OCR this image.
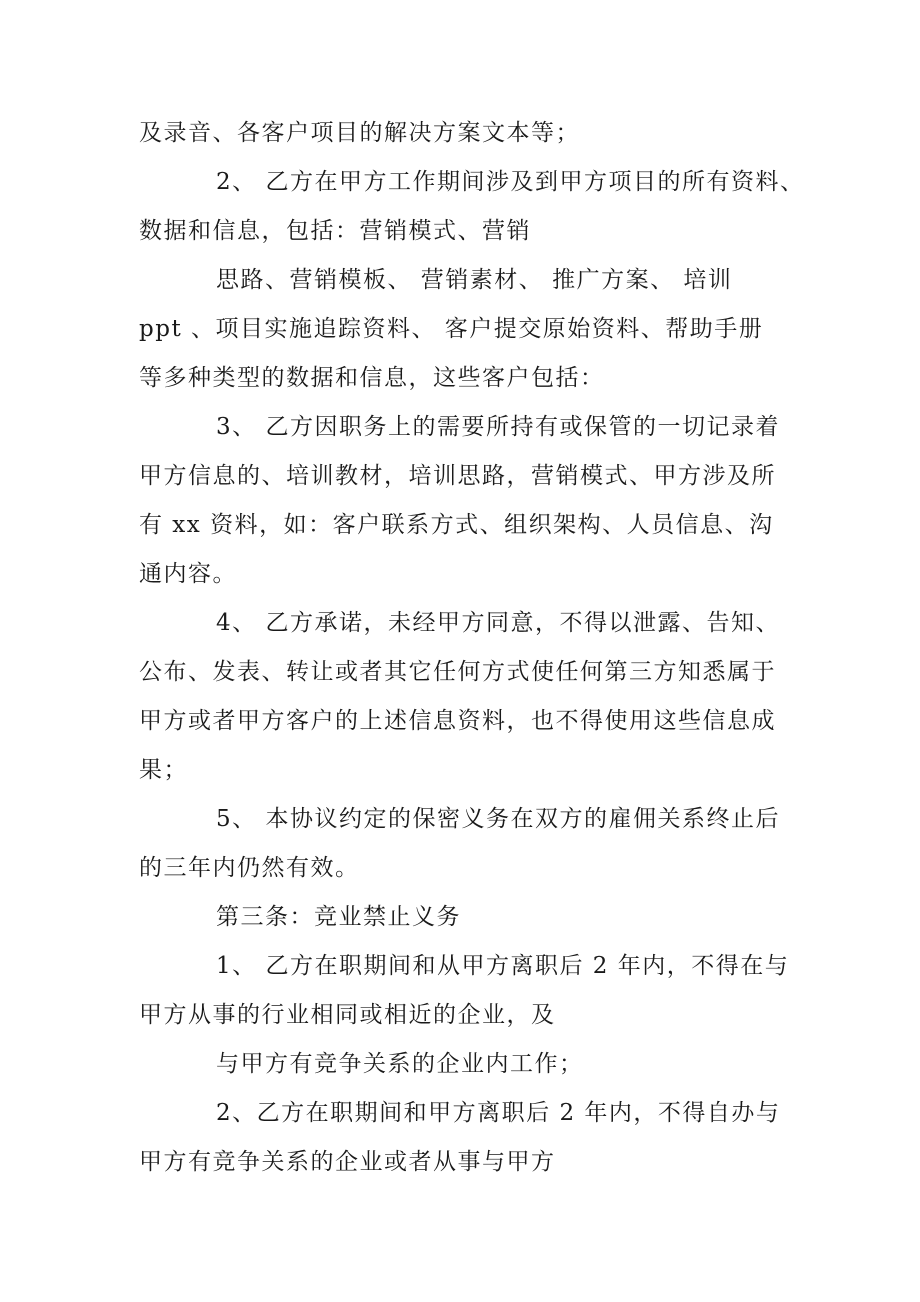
及录音、各客户项目的解决方案文本等；
2、 乙方在甲方工作期间涉及到甲方项目的所有资料、
数据和信息，包括：营销模式、营销
思路、营销模板、 营销素材、 推广方案、 培训
ppt 、项目实施追踪资料、 客户提交原始资料、帮助手册
等多种类型的数据和信息，这些客户包括：
3、 乙方因职务上的需要所持有或保管的一切记录着
甲方信息的、培训教材，培训思路，营销模式、甲方涉及所
有 xx 资料，如：客户联系方式、组织架构、人员信息、沟
通内容。
4、 乙方承诺，未经甲方同意，不得以泄露、告知、
公布、发表、转让或者其它任何方式使任何第三方知悉属于
甲方或者甲方客户的上述信息资料，也不得使用这些信息成
果；
5、 本协议约定的保密义务在双方的雇佣关系终止后
的三年内仍然有效。
第三条：竞业禁止义务
1、 乙方在职期间和从甲方离职后 2 年内，不得在与
甲方从事的行业相同或相近的企业，及
与甲方有竞争关系的企业内工作；
2、乙方在职期间和甲方离职后 2 年内，不得自办与
甲方有竞争关系的企业或者从事与甲方
